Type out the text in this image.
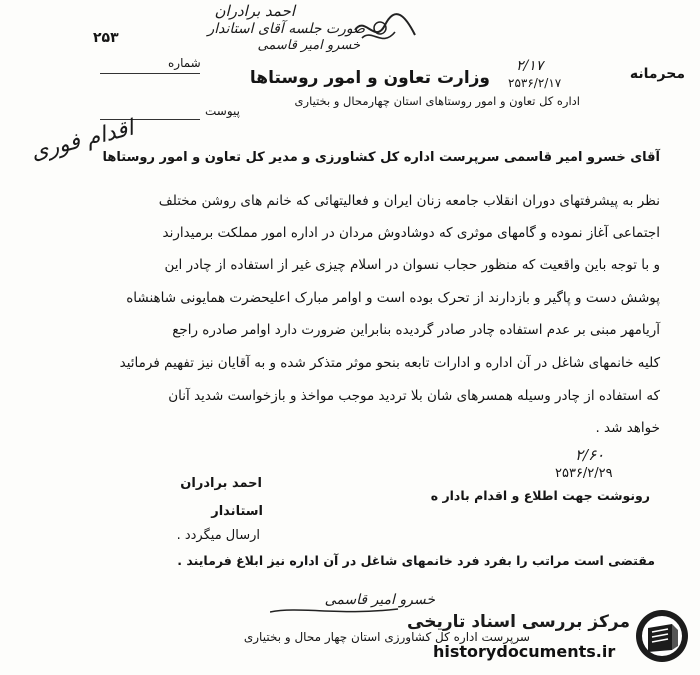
احمد برادران
صورت جلسه آقای استاندار
خسرو امیر قاسمی
۲۵۳
شماره
محرمانه
۲/۱۷
۲۵۳۶/۲/۱۷
وزارت تعاون و امور روستاها
اداره کل تعاون و امور روستاهای استان چهارمحال و بختیاری
پیوست
اقدام فوری
آقای خسرو امیر قاسمی سرپرست اداره کل کشاورزی و مدیر کل تعاون و امور روستاها
نظر به پیشرفتهای دوران انقلاب جامعه زنان ایران و فعالیتهائی که خانم های روشن مختلف
اجتماعی آغاز نموده و گامهای موثری که دوشادوش مردان در اداره امور مملکت برمیدارند
و با توجه باین واقعیت که منظور حجاب نسوان در اسلام چیزی غیر از استفاده از چادر این
پوشش دست و پاگیر و بازدارند از تحرک بوده است و اوامر مبارک اعلیحضرت همایونی شاهنشاه
آریامهر مبنی بر عدم استفاده چادر صادر گردیده بنابراین ضرورت دارد اوامر صادره راجع
کلیه خانمهای شاغل در آن اداره و ادارات تابعه بنحو موثر متذکر شده و به آقایان نیز تفهیم فرمائید
که استفاده از چادر وسیله همسرهای شان بلا تردید موجب مواخذ و بازخواست شدید آنان
خواهد شد .
۲/۶۰
۲۵۳۶/۲/۲۹
احمد برادران
استاندار
ارسال میگردد .
رونوشت جهت اطلاع و اقدام بادار ه
مقتضی است مراتب را بفرد فرد خانمهای شاغل در آن اداره نیز ابلاغ فرمایند .
خسرو امیر قاسمی
سرپرست اداره کل کشاورزی استان چهار محال و بختیاری
مرکز بررسی اسناد تاریخی
historydocuments.ir
